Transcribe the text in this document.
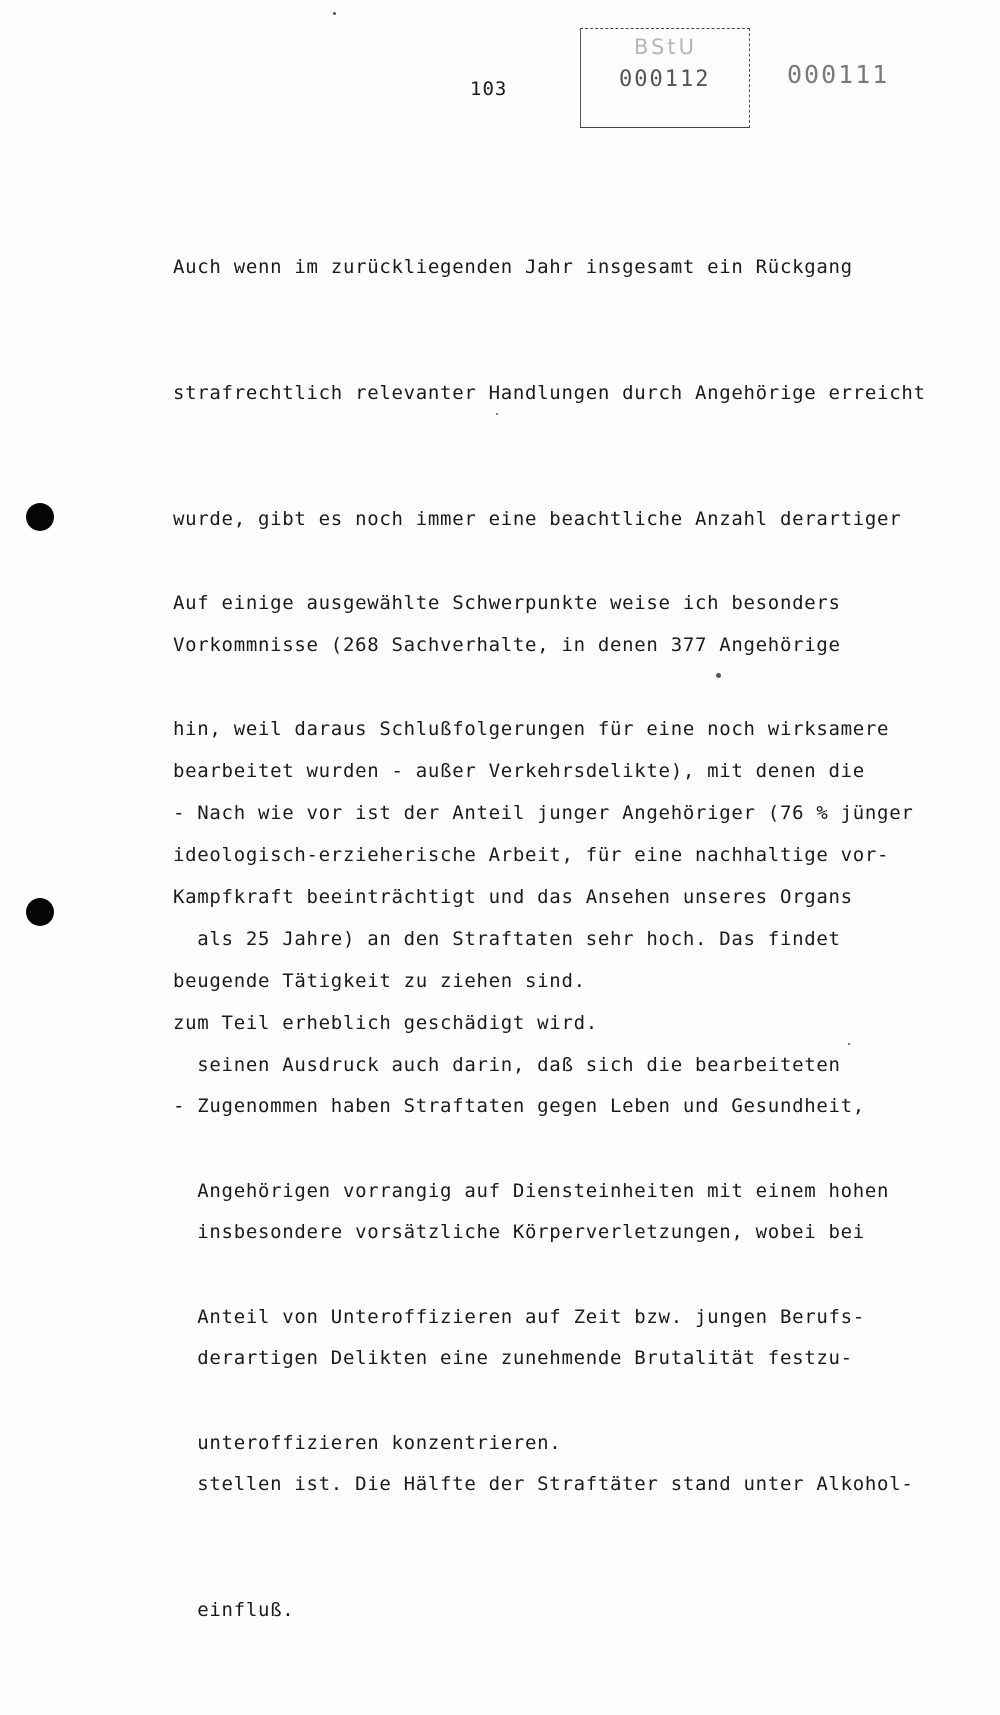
103
BStU
000112	000111

Auch wenn im zurückliegenden Jahr insgesamt ein Rückgang

strafrechtlich relevanter Handlungen durch Angehörige erreicht

wurde, gibt es noch immer eine beachtliche Anzahl derartiger

Vorkommnisse (268 Sachverhalte, in denen 377 Angehörige

bearbeitet wurden - außer Verkehrsdelikte), mit denen die

Kampfkraft beeinträchtigt und das Ansehen unseres Organs

zum Teil erheblich geschädigt wird.

Auf einige ausgewählte Schwerpunkte weise ich besonders

hin, weil daraus Schlußfolgerungen für eine noch wirksamere

ideologisch-erzieherische Arbeit, für eine nachhaltige vor-

beugende Tätigkeit zu ziehen sind.

- Nach wie vor ist der Anteil junger Angehöriger (76 % jünger

als 25 Jahre) an den Straftaten sehr hoch. Das findet

seinen Ausdruck auch darin, daß sich die bearbeiteten

Angehörigen vorrangig auf Diensteinheiten mit einem hohen

Anteil von Unteroffizieren auf Zeit bzw. jungen Berufs-

unteroffizieren konzentrieren.

- Zugenommen haben Straftaten gegen Leben und Gesundheit,

insbesondere vorsätzliche Körperverletzungen, wobei bei

derartigen Delikten eine zunehmende Brutalität festzu-

stellen ist. Die Hälfte der Straftäter stand unter Alkohol-

einfluß.
